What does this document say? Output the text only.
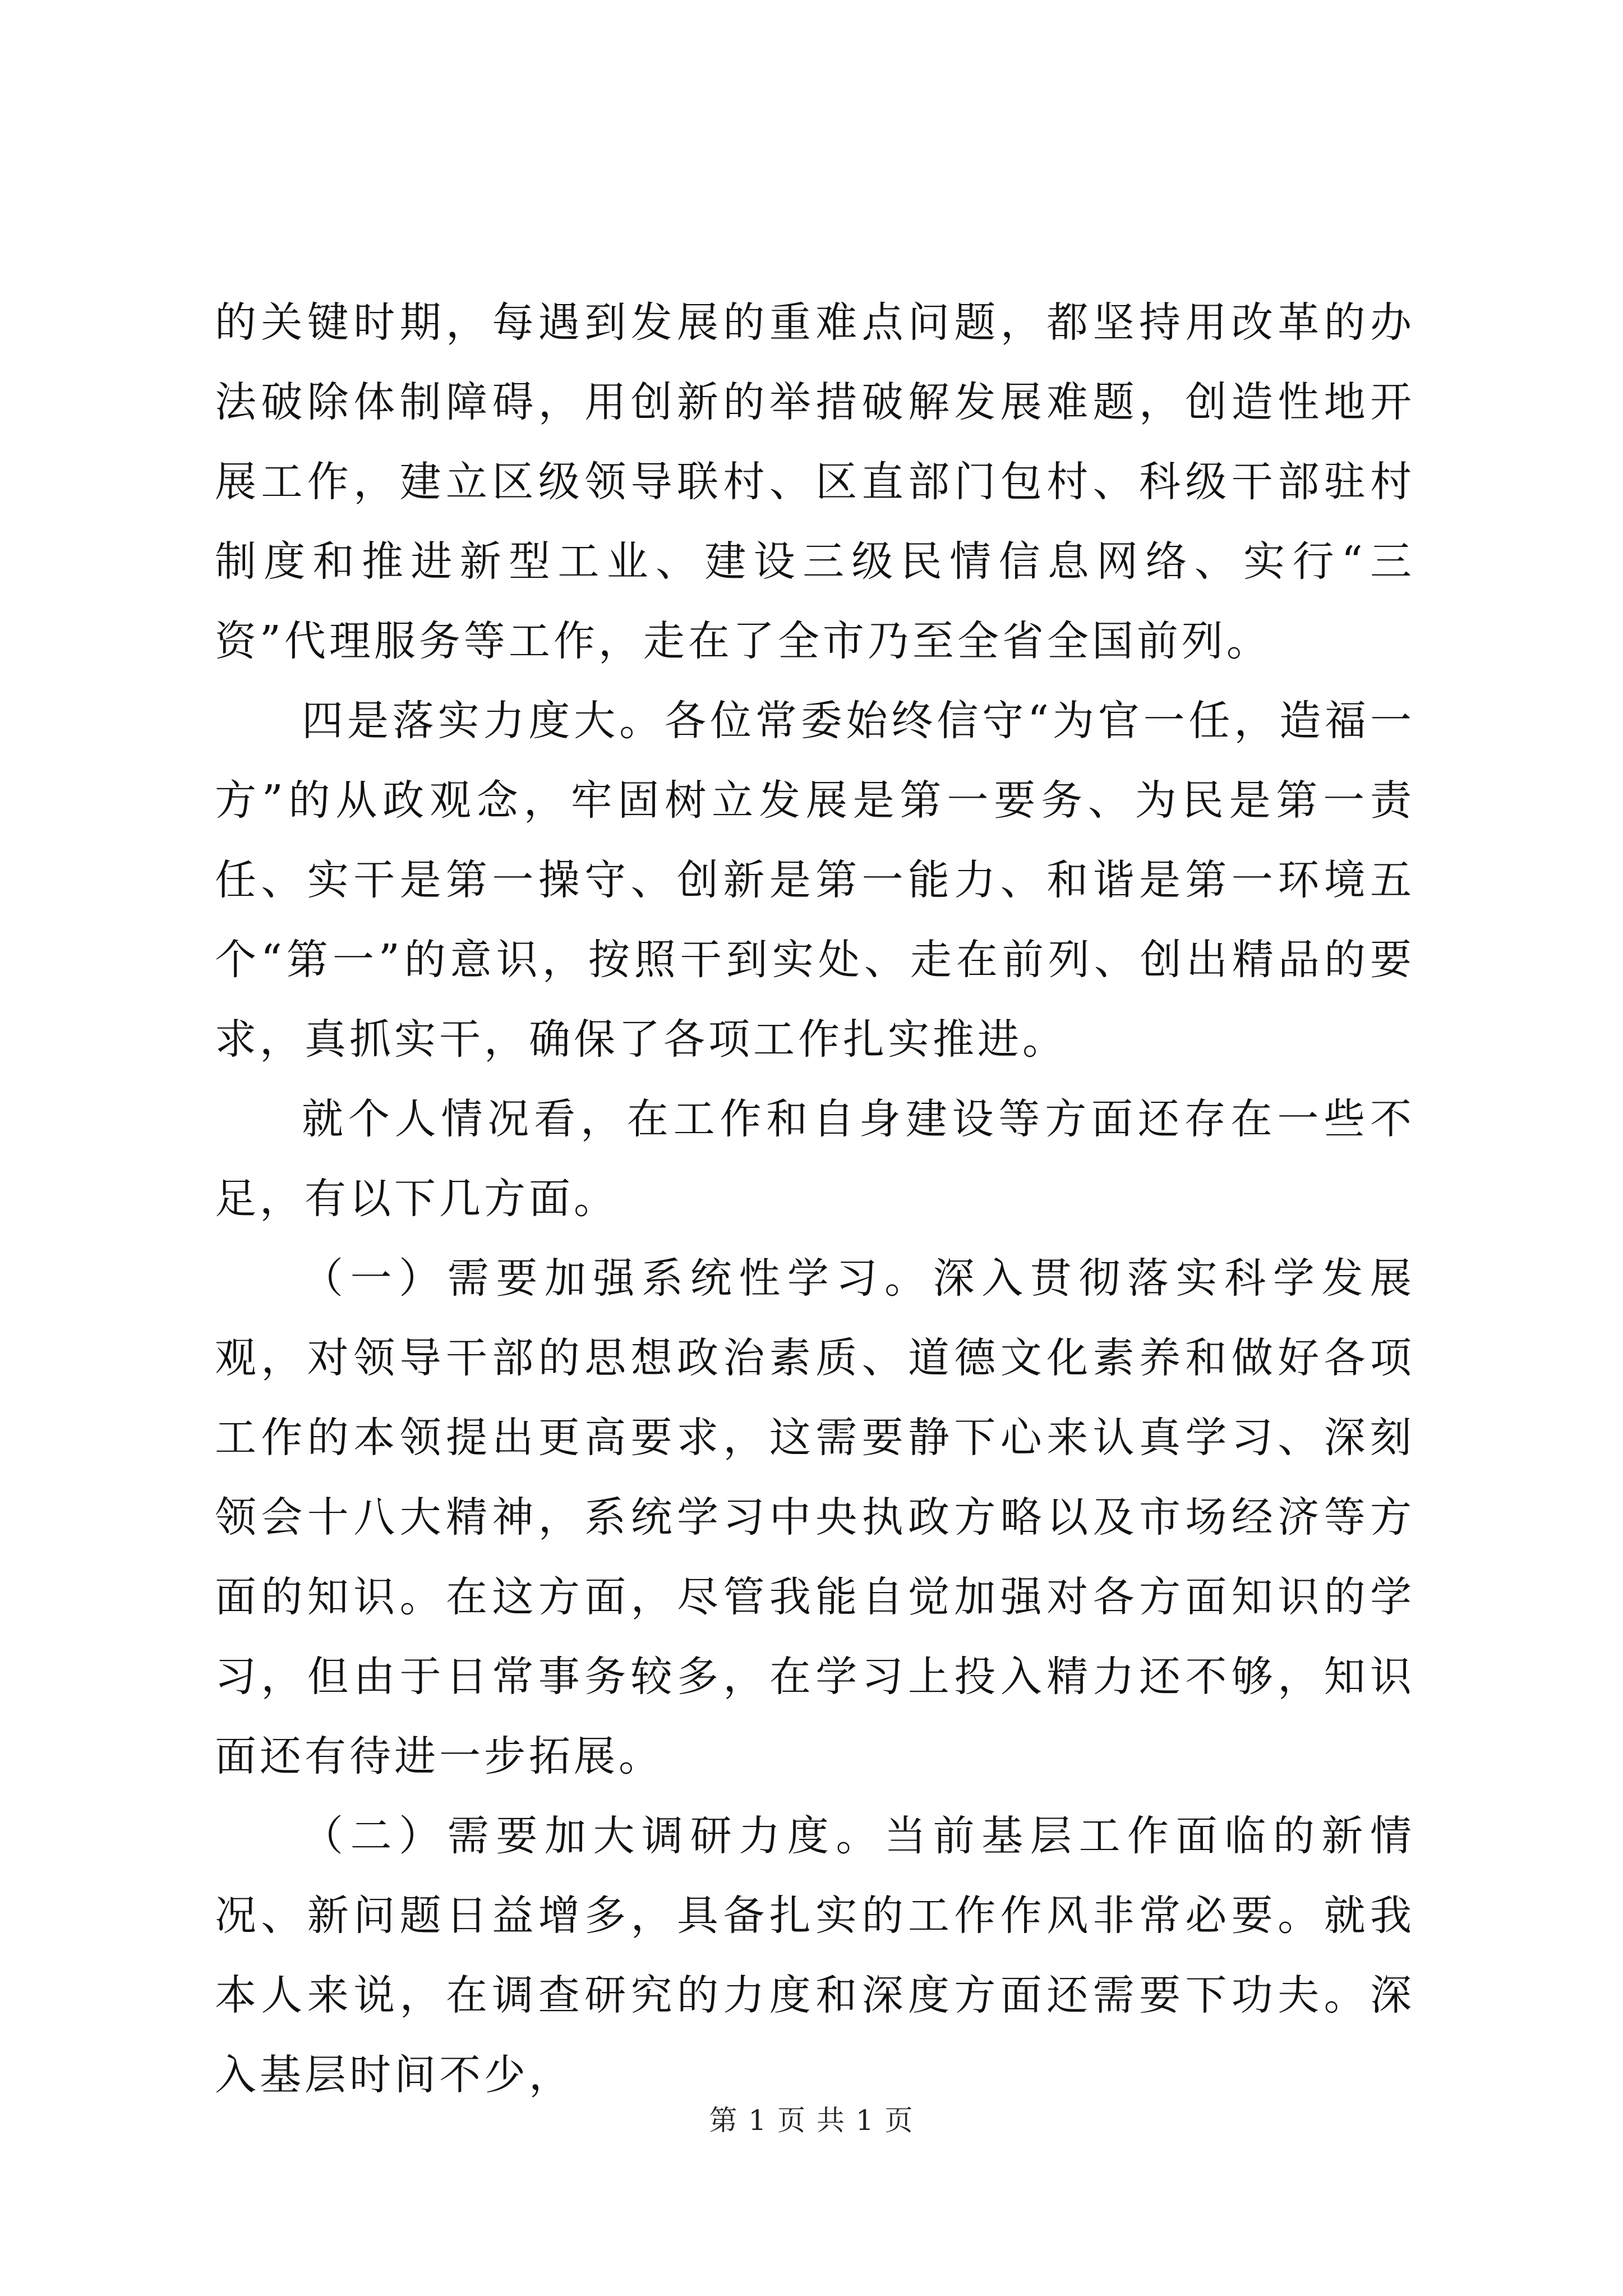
的关键时期，每遇到发展的重难点问题，都坚持用改革的办法破除体制障碍，用创新的举措破解发展难题，创造性地开展工作，建立区级领导联村、区直部门包村、科级干部驻村制度和推进新型工业、建设三级民情信息网络、实行“三资”代理服务等工作，走在了全市乃至全省全国前列。

四是落实力度大。各位常委始终信守“为官一任，造福一方”的从政观念，牢固树立发展是第一要务、为民是第一责任、实干是第一操守、创新是第一能力、和谐是第一环境五个“第一”的意识，按照干到实处、走在前列、创出精品的要求，真抓实干，确保了各项工作扎实推进。

就个人情况看，在工作和自身建设等方面还存在一些不足，有以下几方面。

（一）需要加强系统性学习。深入贯彻落实科学发展观，对领导干部的思想政治素质、道德文化素养和做好各项工作的本领提出更高要求，这需要静下心来认真学习、深刻领会十八大精神，系统学习中央执政方略以及市场经济等方面的知识。在这方面，尽管我能自觉加强对各方面知识的学习，但由于日常事务较多，在学习上投入精力还不够，知识面还有待进一步拓展。

（二）需要加大调研力度。当前基层工作面临的新情况、新问题日益增多，具备扎实的工作作风非常必要。就我本人来说，在调查研究的力度和深度方面还需要下功夫。深入基层时间不少，

第 1 页 共 1 页
